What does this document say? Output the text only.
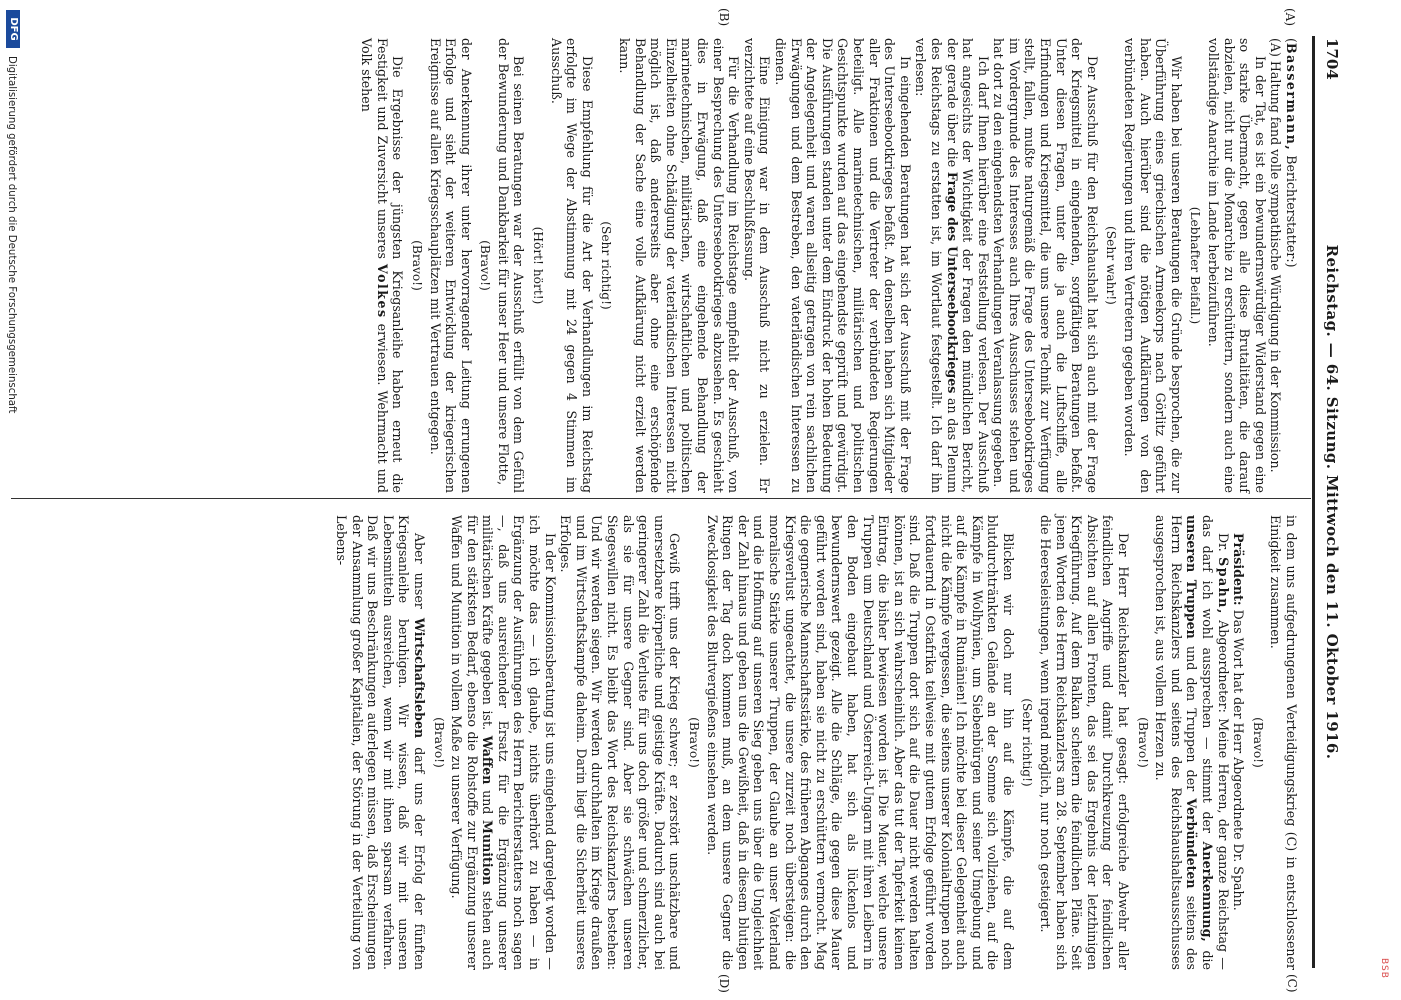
1704
Reichstag. — 64. Sitzung. Mittwoch den 11. Oktober 1916.
(A)
(B)
(C)
(D)

(Bassermann, Berichterstatter:)

(A) Haltung fand volle sympathische Würdigung in der Kommission.

In der Tat, es ist ein bewundernswürdiger Widerstand gegen eine so starke Übermacht, gegen alle diese Brutalitäten, die darauf abzielen, nicht nur die Monarchie zu erschüttern, sondern auch eine vollständige Anarchie im Lande herbeizuführen.

(Lebhafter Beifall.)

Wir haben bei unseren Beratungen die Gründe besprochen, die zur Überführung eines griechischen Armeekorps nach Görlitz geführt haben. Auch hierüber sind die nötigen Aufklärungen von den verbündeten Regierungen und ihren Vertretern gegeben worden.

(Sehr wahr!)

Der Ausschuß für den Reichshaushalt hat sich auch mit der Frage der Kriegsmittel in eingehenden, sorgfältigen Beratungen befaßt. Unter diesen Fragen, unter die ja auch die Luftschiffe, alle Erfindungen und Kriegsmittel, die uns unsere Technik zur Verfügung stellt, fallen, mußte naturgemäß die Frage des Unterseebootkrieges im Vordergrunde des Interesses auch Ihres Ausschusses stehen und hat dort zu den eingehendsten Verhandlungen Veranlassung gegeben.

Ich darf Ihnen hierüber eine Feststellung verlesen. Der Ausschuß hat angesichts der Wichtigkeit der Fragen den mündlichen Bericht, der gerade über die Frage des Unterseebootkrieges an das Plenum des Reichstags zu erstatten ist, im Wortlaut festgestellt. Ich darf ihn verlesen:

In eingehenden Beratungen hat sich der Ausschuß mit der Frage des Unterseebootkrieges befaßt. An denselben haben sich Mitglieder aller Fraktionen und die Vertreter der verbündeten Regierungen beteiligt. Alle marinetechnischen, militärischen und politischen Gesichtspunkte wurden auf das eingehendste geprüft und gewürdigt. Die Ausführungen standen unter dem Eindruck der hohen Bedeutung der Angelegenheit und waren allseitig getragen von rein sachlichen Erwägungen und dem Bestreben, den vaterländischen Interessen zu dienen.

Eine Einigung war in dem Ausschuß nicht zu erzielen. Er verzichtete auf eine Beschlußfassung.

Für die Verhandlung im Reichstage empfiehlt der Ausschuß, von einer Besprechung des Unterseebootkrieges abzusehen. Es geschieht dies in Erwägung, daß eine eingehende Behandlung der marinetechnischen, militärischen, wirtschaftlichen und politischen Einzelheiten ohne Schädigung der vaterländischen Interessen nicht möglich ist, daß andererseits aber ohne eine erschöpfende Behandlung der Sache eine volle Aufklärung nicht erzielt werden kann.

(Sehr richtig!)

Diese Empfehlung für die Art der Verhandlungen im Reichstag erfolgte im Wege der Abstimmung mit 24 gegen 4 Stimmen im Ausschuß.

(Hört! hört!)

Bei seinen Beratungen war der Ausschuß erfüllt von dem Gefühl der Bewunderung und Dankbarkeit für unser Heer und unsere Flotte,

(Bravo!)

der Anerkennung ihrer unter hervorragender Leitung errungenen Erfolge und sieht der weiteren Entwicklung der kriegerischen Ereignisse auf allen Kriegsschauplätzen mit Vertrauen entgegen.

(Bravo!)

Die Ergebnisse der jüngsten Kriegsanleihe haben erneut die Festigkeit und Zuversicht unseres Volkes erwiesen. Wehrmacht und Volk stehen

in dem uns aufgedrungenen Verteidigungskrieg (C) in entschlossener Einigkeit zusammen.

(Bravo!)

Präsident: Das Wort hat der Herr Abgeordnete Dr. Spahn.

Dr. Spahn, Abgeordneter: Meine Herren, der ganze Reichstag — das darf ich wohl aussprechen — stimmt der Anerkennung, die unseren Truppen und den Truppen der Verbündeten seitens des Herrn Reichskanzlers und seitens des Reichshaushaltsausschusses ausgesprochen ist, aus vollem Herzen zu.

(Bravo!)

Der Herr Reichskanzler hat gesagt: erfolgreiche Abwehr aller feindlichen Angriffe und damit Durchkreuzung der feindlichen Absichten auf allen Fronten, das sei das Ergebnis der letzthinigen Kriegführung. Auf dem Balkan scheitern die feindlichen Pläne. Seit jenen Worten des Herrn Reichskanzlers am 28. September haben sich die Heeresleistungen, wenn irgend möglich, nur noch gesteigert.

(Sehr richtig!)

Blicken wir doch nur hin auf die Kämpfe, die auf dem blutdurchtränkten Gelände an der Somme sich vollziehen, auf die Kämpfe in Wolhynien, um Siebenbürgen und seiner Umgebung und auf die Kämpfe in Rumänien! Ich möchte bei dieser Gelegenheit auch nicht die Kämpfe vergessen, die seitens unserer Kolonialtruppen noch fortdauernd in Ostafrika teilweise mit gutem Erfolge geführt worden sind. Daß die Truppen dort sich auf die Dauer nicht werden halten können, ist an sich wahrscheinlich. Aber das tut der Tapferkeit keinen Eintrag, die bisher bewiesen worden ist. Die Mauer, welche unsere Truppen um Deutschland und Österreich-Ungarn mit ihren Leibern in den Boden eingebaut haben, hat sich als lückenlos und bewundernswert gezeigt. Alle die Schläge, die gegen diese Mauer geführt worden sind, haben sie nicht zu erschüttern vermocht. Mag die gegnerische Mannschaftsstärke, des früheren Abganges durch den Kriegsverlust ungeachtet, die unsere zurzeit noch übersteigen: die moralische Stärke unserer Truppen, der Glaube an unser Vaterland und die Hoffnung auf unseren Sieg geben uns über die Ungleichheit der Zahl hinaus und geben uns die Gewißheit, daß in diesem blutigen Ringen der Tag doch kommen muß, an dem unsere Gegner die Zwecklosigkeit des Blutvergießens einsehen werden.

(Bravo!)

Gewiß trifft uns der Krieg schwer; er zerstört unschätzbare und unersetzbare körperliche und geistige Kräfte. Dadurch sind auch bei geringerer Zahl die Verluste für uns doch größer und schmerzlicher, als sie für unsere Gegner sind. Aber sie schwächen unseren Siegeswillen nicht. Es bleibt das Wort des Reichskanzlers bestehen: Und wir werden siegen. Wir werden durchhalten im Kriege draußen und im Wirtschaftskampfe daheim. Darin liegt die Sicherheit unseres Erfolges.

In der Kommissionsberatung ist uns eingehend dargelegt worden — ich möchte das — ich glaube, nichts überhört zu haben — in Ergänzung der Ausführungen des Herrn Berichterstatters noch sagen —, daß uns ausreichender Ersatz für die Ergänzung unserer militärischen Kräfte gegeben ist. Waffen und Munition stehen auch für den stärksten Bedarf, ebenso die Rohstoffe zur Ergänzung unserer Waffen und Munition in vollem Maße zu unserer Verfügung.

(Bravo!)

Aber unser Wirtschaftsleben darf uns der Erfolg der fünften Kriegsanleihe beruhigen. Wir wissen, daß wir mit unseren Lebensmitteln ausreichen, wenn wir mit ihnen sparsam verfahren. Daß wir uns Beschränkungen auferlegen müssen, daß Erscheinungen der Ansammlung großer Kapitalien, der Störung in der Verteilung von Lebens-

DFG
Digitalisierung gefördert durch die Deutsche Forschungsgemeinschaft
BSB
